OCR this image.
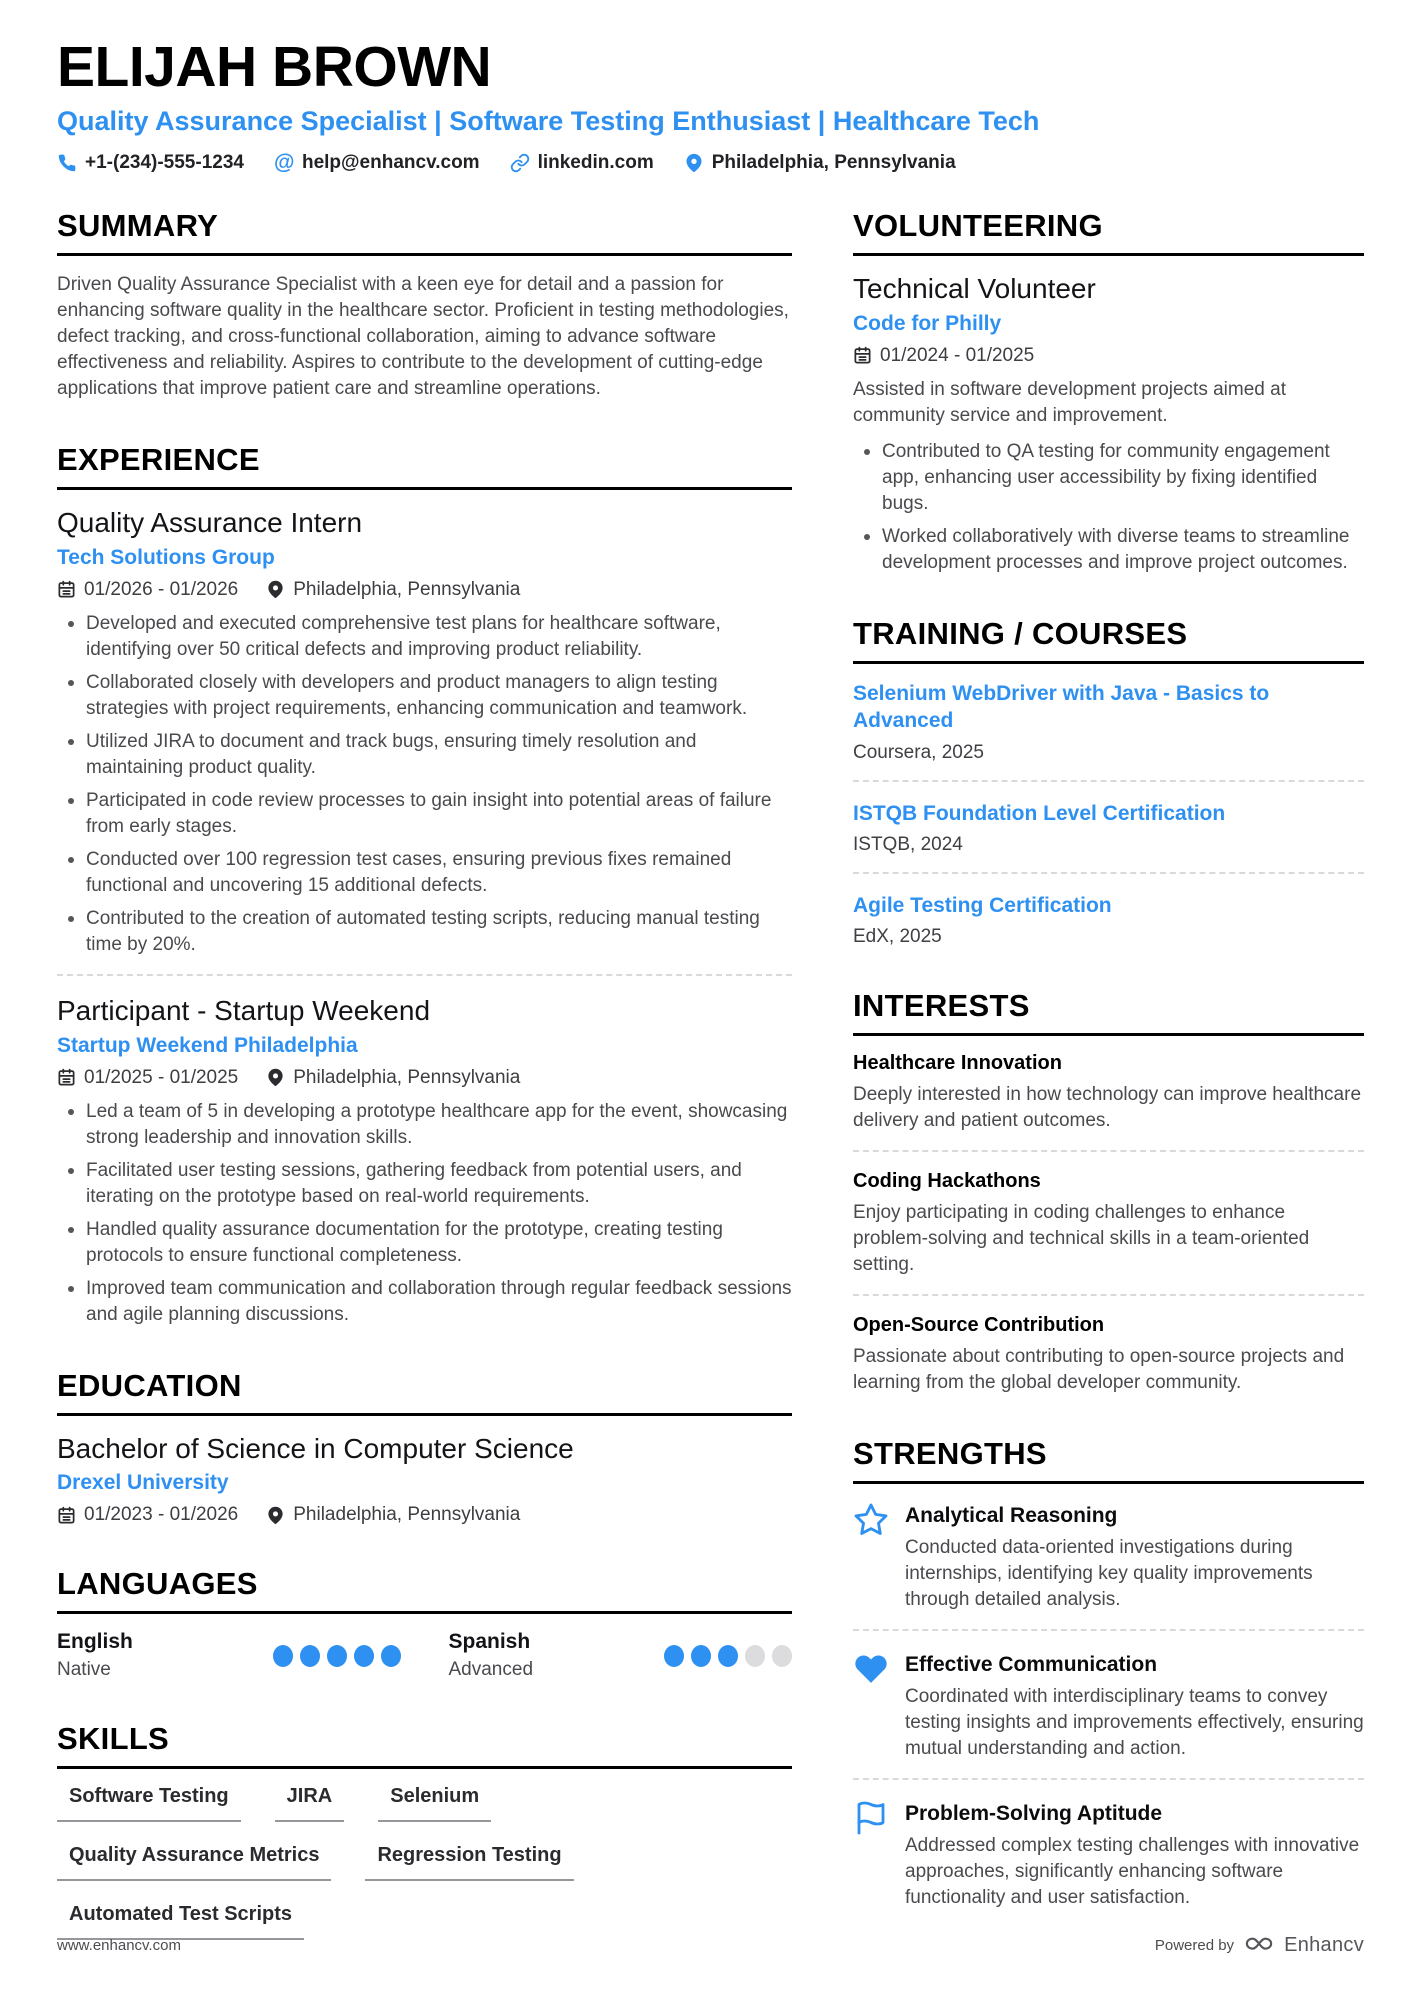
ELIJAH BROWN
Quality Assurance Specialist | Software Testing Enthusiast | Healthcare Tech
+1-(234)-555-1234 @ help@enhancv.com	linkedin.com	Philadelphia, Pennsylvania
SUMMARY
Driven Quality Assurance Specialist with a keen eye for detail and a passion for enhancing software quality in the healthcare sector. Proficient in testing methodologies, defect tracking, and cross-functional collaboration, aiming to advance software effectiveness and reliability. Aspires to contribute to the development of cutting-edge applications that improve patient care and streamline operations.
EXPERIENCE
Quality Assurance Intern
Tech Solutions Group
01/2026 - 01/2026	Philadelphia, Pennsylvania
Developed and executed comprehensive test plans for healthcare software, identifying over 50 critical defects and improving product reliability.
Collaborated closely with developers and product managers to align testing strategies with project requirements, enhancing communication and teamwork.
Utilized JIRA to document and track bugs, ensuring timely resolution and maintaining product quality.
Participated in code review processes to gain insight into potential areas of failure from early stages.
Conducted over 100 regression test cases, ensuring previous fixes remained functional and uncovering 15 additional defects.
Contributed to the creation of automated testing scripts, reducing manual testing time by 20%.
Participant - Startup Weekend
Startup Weekend Philadelphia
01/2025 - 01/2025	Philadelphia, Pennsylvania
Led a team of 5 in developing a prototype healthcare app for the event, showcasing strong leadership and innovation skills.
Facilitated user testing sessions, gathering feedback from potential users, and iterating on the prototype based on real-world requirements.
Handled quality assurance documentation for the prototype, creating testing protocols to ensure functional completeness.
Improved team communication and collaboration through regular feedback sessions and agile planning discussions.
EDUCATION
Bachelor of Science in Computer Science
Drexel University
01/2023 - 01/2026	Philadelphia, Pennsylvania
LANGUAGES
English
Native
Spanish
Advanced
SKILLS
Software Testing	JIRA	Selenium
Quality Assurance Metrics	Regression Testing
Automated Test Scripts
VOLUNTEERING
Technical Volunteer
Code for Philly
01/2024 - 01/2025
Assisted in software development projects aimed at community service and improvement.
Contributed to QA testing for community engagement app, enhancing user accessibility by fixing identified bugs.
Worked collaboratively with diverse teams to streamline development processes and improve project outcomes.
TRAINING / COURSES
Selenium WebDriver with Java - Basics to Advanced
Coursera, 2025
ISTQB Foundation Level Certification
ISTQB, 2024
Agile Testing Certification
EdX, 2025
INTERESTS
Healthcare Innovation
Deeply interested in how technology can improve healthcare delivery and patient outcomes.
Coding Hackathons
Enjoy participating in coding challenges to enhance problem-solving and technical skills in a team-oriented setting.
Open-Source Contribution
Passionate about contributing to open-source projects and learning from the global developer community.
STRENGTHS
Analytical Reasoning
Conducted data-oriented investigations during internships, identifying key quality improvements through detailed analysis.
Effective Communication
Coordinated with interdisciplinary teams to convey testing insights and improvements effectively, ensuring mutual understanding and action.
Problem-Solving Aptitude
Addressed complex testing challenges with innovative approaches, significantly enhancing software functionality and user satisfaction.
www.enhancv.com	Powered by	Enhancv
